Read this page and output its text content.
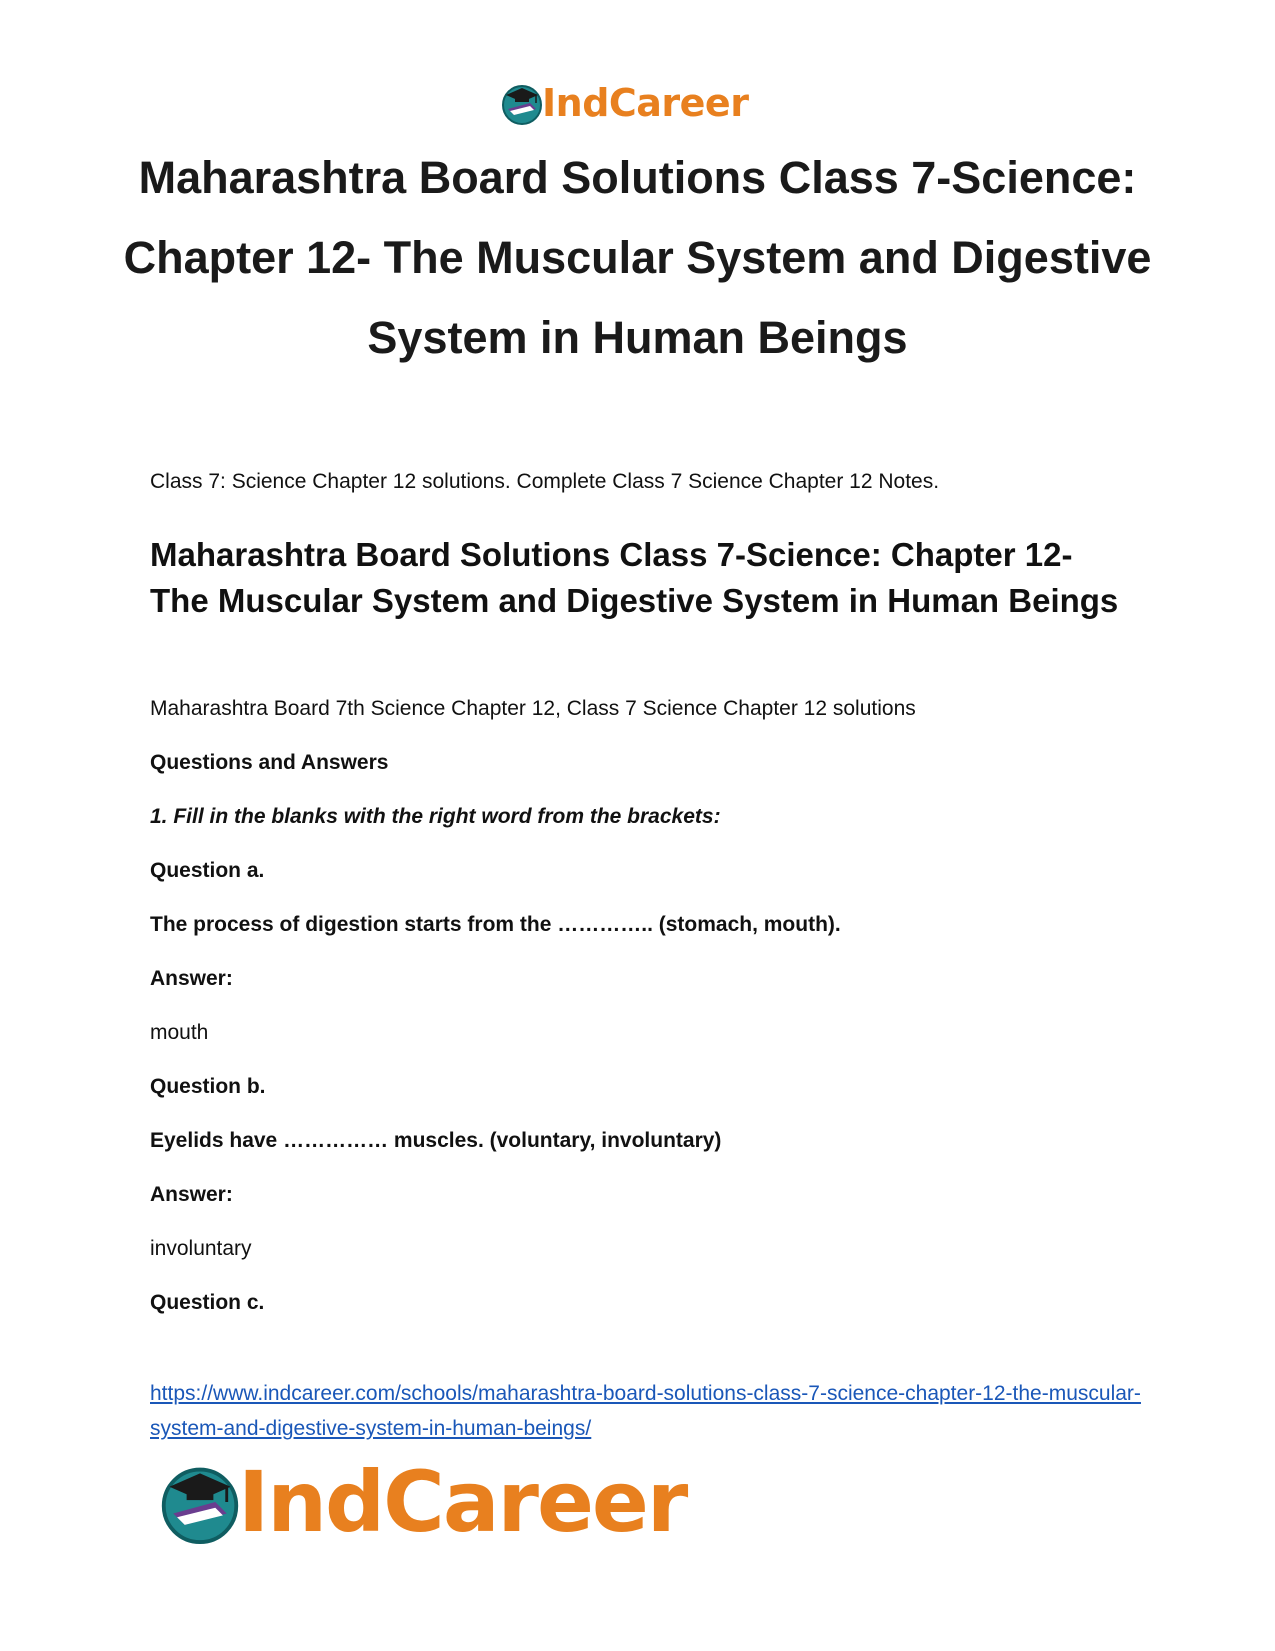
IndCareer
Maharashtra Board Solutions Class 7-Science: Chapter 12- The Muscular System and Digestive System in Human Beings

Class 7: Science Chapter 12 solutions. Complete Class 7 Science Chapter 12 Notes.

Maharashtra Board Solutions Class 7-Science: Chapter 12- The Muscular System and Digestive System in Human Beings

Maharashtra Board 7th Science Chapter 12, Class 7 Science Chapter 12 solutions

Questions and Answers

1. Fill in the blanks with the right word from the brackets:

Question a.

The process of digestion starts from the ………….. (stomach, mouth).

Answer:

mouth

Question b.

Eyelids have …………… muscles. (voluntary, involuntary)

Answer:

involuntary

Question c.

https://www.indcareer.com/schools/maharashtra-board-solutions-class-7-science-chapter-12-the-muscular-system-and-digestive-system-in-human-beings/

IndCareer
